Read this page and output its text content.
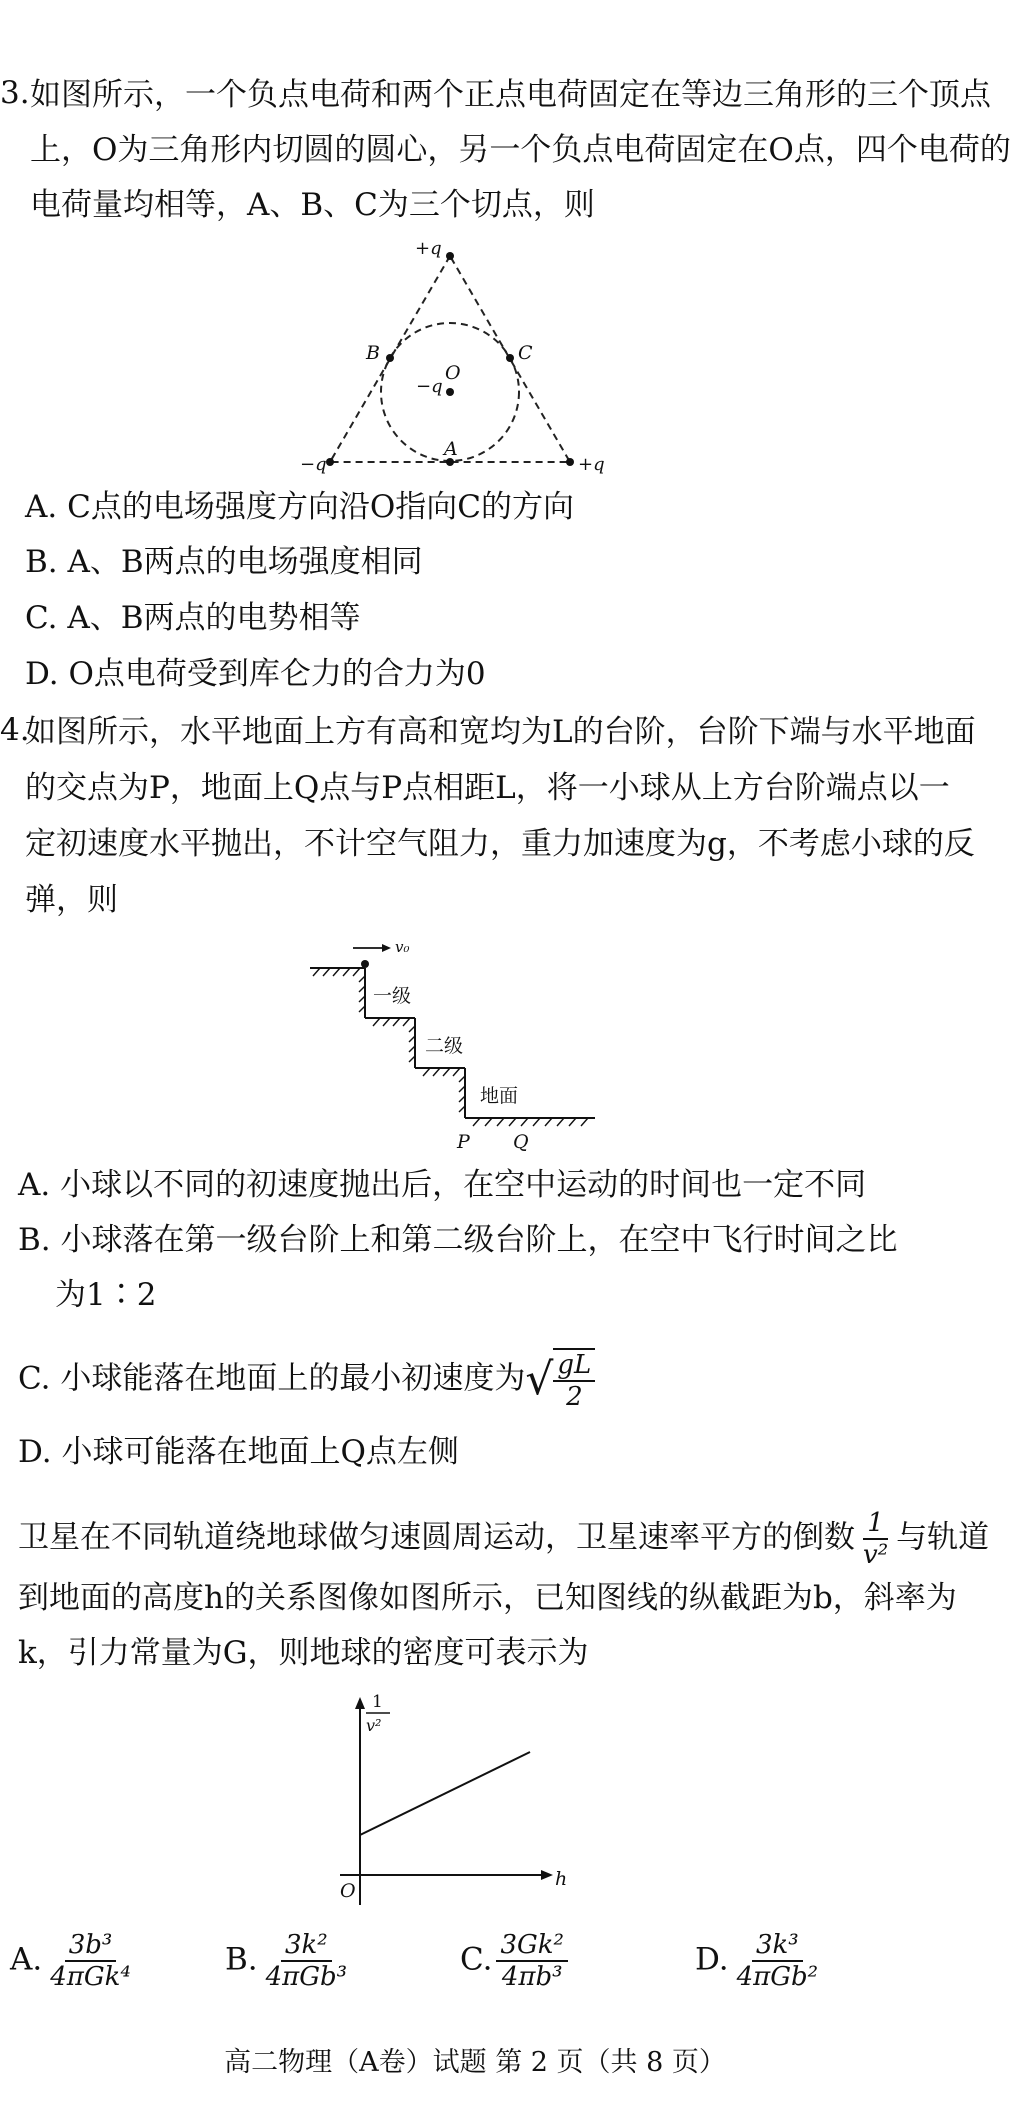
3. 如图所示，一个负点电荷和两个正点电荷固定在等边三角形的三个顶点
上，O为三角形内切圆的圆心，另一个负点电荷固定在O点，四个电荷的
电荷量均相等，A、B、C为三个切点，则
+q
−q	+q
−q
O
A
B	C
A. C点的电场强度方向沿O指向C的方向
B. A、B两点的电场强度相同
C. A、B两点的电势相等
D. O点电荷受到库仑力的合力为0
4.
如图所示，水平地面上方有高和宽均为L的台阶，台阶下端与水平地面
的交点为P，地面上Q点与P点相距L，将一小球从上方台阶端点以一
定初速度水平抛出，不计空气阻力，重力加速度为g，不考虑小球的反
弹，则
v₀
一级
二级
地面
P Q
A. 小球以不同的初速度抛出后，在空中运动的时间也一定不同
B. 小球落在第一级台阶上和第二级台阶上，在空中飞行时间之比
为1∶2
C. 小球能落在地面上的最小初速度为√ $\frac{gL}{2}$
D. 小球可能落在地面上Q点左侧
卫星在不同轨道绕地球做匀速圆周运动，卫星速率平方的倒数 $\frac{1}{\text{v²}}$ 与轨道
到地面的高度h的关系图像如图所示，已知图线的纵截距为b，斜率为
k，引力常量为G，则地球的密度可表示为
1
v²
h
O
A. $\frac{\text{3b³}}{\text{4πGk⁴}}$	B. $\frac{\text{3k²}}{\text{4πGb³}}$	C. $\frac{\text{3Gk²}}{\text{4πb³}}$	D. $\frac{\text{3k³}}{\text{4πGb²}}$
高二物理（A卷）试题 第 2 页（共 8 页）
